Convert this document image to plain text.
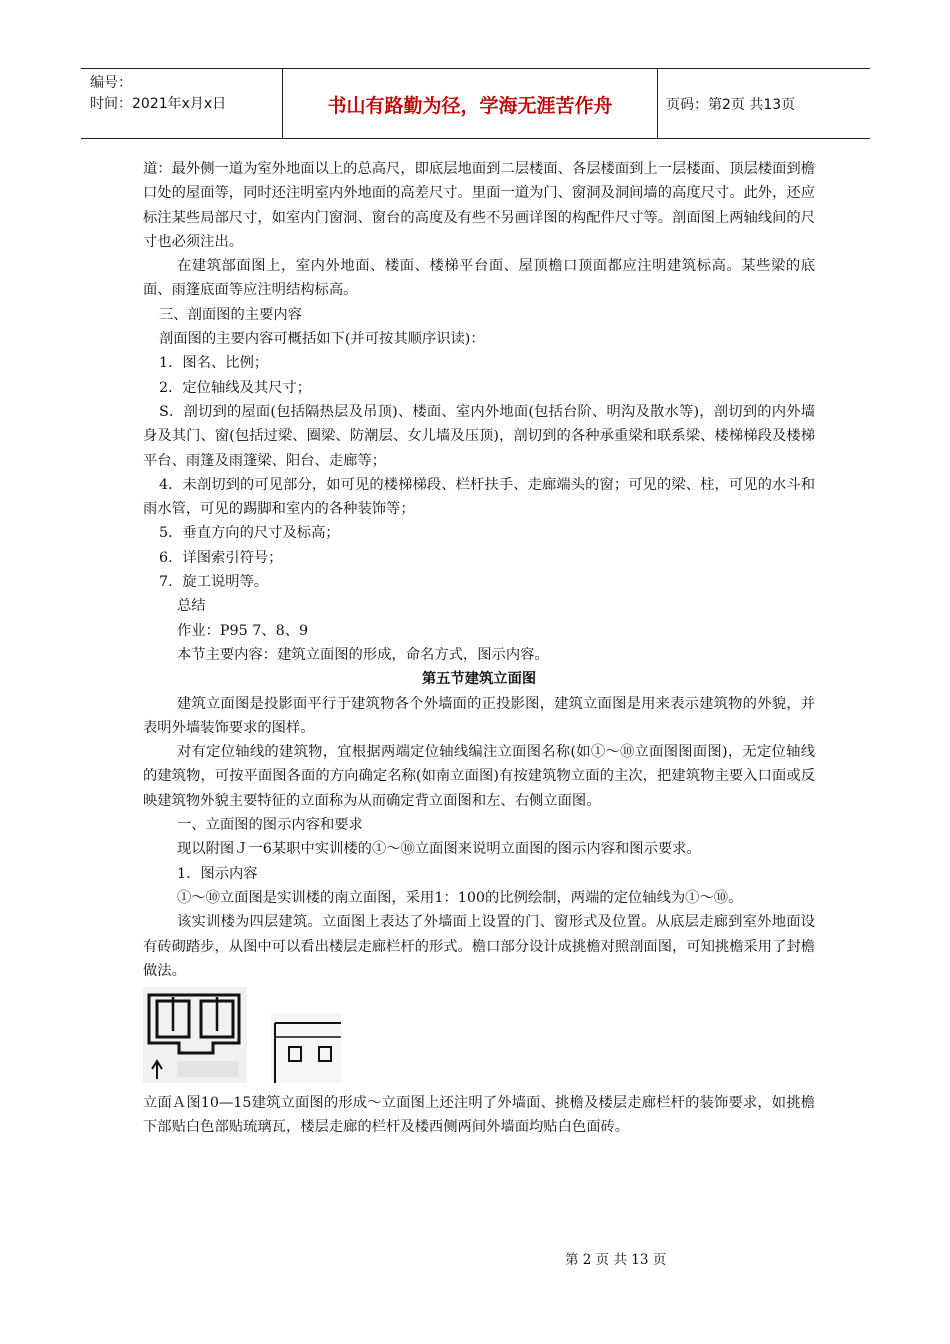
编号：
时间：2021年x月x日	书山有路勤为径，学海无涯苦作舟	页码：第2页 共13页

道：最外侧一道为室外地面以上的总高尺，即底层地面到二层楼面、各层楼面到上一层楼面、顶层楼面到檐口处的屋面等，同时还注明室内外地面的高差尺寸。里面一道为门、窗洞及洞间墙的高度尺寸。此外，还应标注某些局部尺寸，如室内门窗洞、窗台的高度及有些不另画详图的构配件尺寸等。剖面图上两轴线间的尺寸也必须注出。

在建筑部面图上，室内外地面、楼面、楼梯平台面、屋顶檐口顶面都应注明建筑标高。某些梁的底面、雨篷底面等应注明结构标高。

三、剖面图的主要内容

剖面图的主要内容可概括如下(并可按其顺序识读)：

1．图名、比例；

2．定位轴线及其尺寸；

S．剖切到的屋面(包括隔热层及吊顶)、楼面、室内外地面(包括台阶、明沟及散水等)，剖切到的内外墙身及其门、窗(包括过梁、圈梁、防潮层、女儿墙及压顶)，剖切到的各种承重梁和联系梁、楼梯梯段及楼梯平台、雨篷及雨篷梁、阳台、走廊等；

4．未剖切到的可见部分，如可见的楼梯梯段、栏杆扶手、走廊端头的窗；可见的梁、柱，可见的水斗和雨水管，可见的踢脚和室内的各种装饰等；

5．垂直方向的尺寸及标高；

6．详图索引符号；

7．旋工说明等。

总结

作业：P95 7、8、9

本节主要内容：建筑立面图的形成，命名方式，图示内容。

第五节建筑立面图

建筑立面图是投影面平行于建筑物各个外墙面的正投影图，建筑立面图是用来表示建筑物的外貌，并表明外墙装饰要求的图样。

对有定位轴线的建筑物，宜根据两端定位轴线编注立面图名称(如①～⑩立面图图面图)，无定位轴线的建筑物，可按平面图各面的方向确定名称(如南立面图)有按建筑物立面的主次，把建筑物主要入口面或反映建筑物外貌主要特征的立面称为从而确定背立面图和左、右侧立面图。

一、立面图的图示内容和要求

现以附图Ｊ一6某职中实训楼的①～⑩立面图来说明立面图的图示内容和图示要求。

1．图示内容

①～⑩立面图是实训楼的南立面图，采用1：100的比例绘制，两端的定位轴线为①～⑩。

该实训楼为四层建筑。立面图上表达了外墙面上设置的门、窗形式及位置。从底层走廊到室外地面设有砖砌踏步，从图中可以看出楼层走廊栏杆的形式。檐口部分设计成挑檐对照剖面图，可知挑檐采用了封檐做法。

立面Ａ图10—15建筑立面图的形成～立面图上还注明了外墙面、挑檐及楼层走廊栏杆的装饰要求，如挑檐下部贴白色部贴琉璃瓦，楼层走廊的栏杆及楼西侧两间外墙面均贴白色面砖。

第 2 页 共 13 页
